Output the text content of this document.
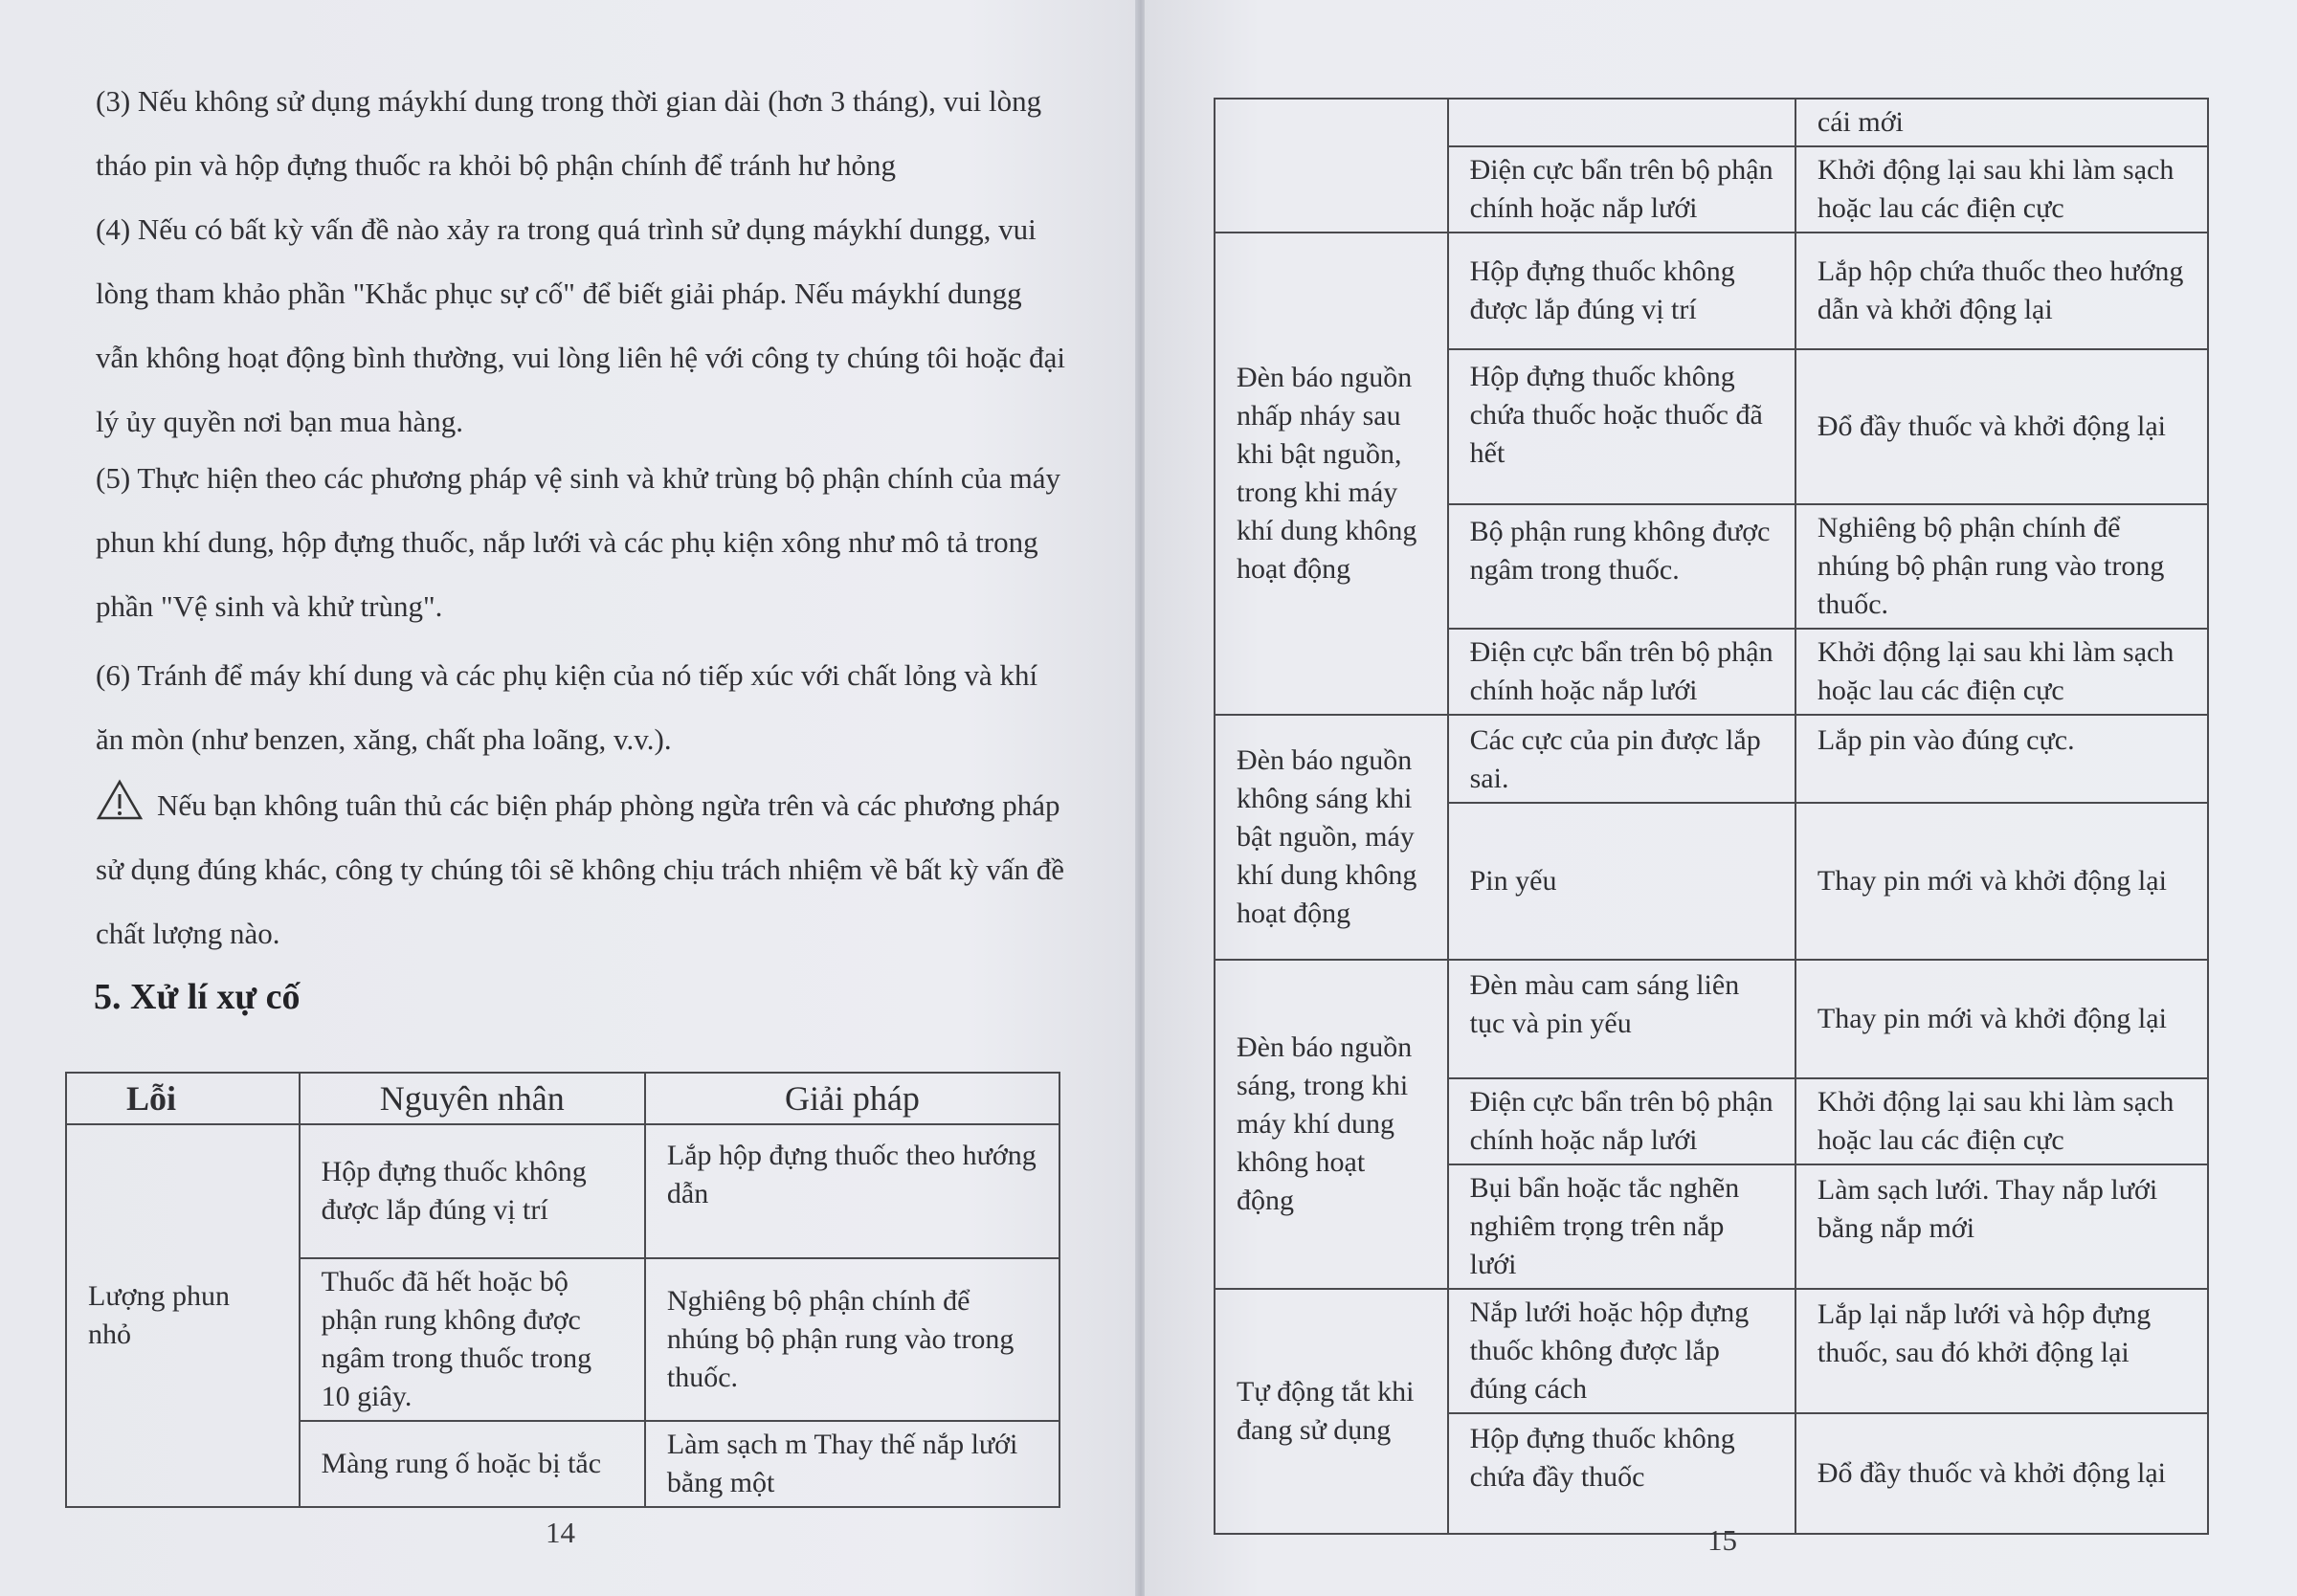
(3) Nếu không sử dụng máykhí dung trong thời gian dài (hơn 3 tháng), vui lòng tháo pin và hộp đựng thuốc ra khỏi bộ phận chính để tránh hư hỏng

(4) Nếu có bất kỳ vấn đề nào xảy ra trong quá trình sử dụng máykhí dungg, vui lòng tham khảo phần "Khắc phục sự cố" để biết giải pháp. Nếu máykhí dungg vẫn không hoạt động bình thường, vui lòng liên hệ với công ty chúng tôi hoặc đại lý ủy quyền nơi bạn mua hàng.

(5) Thực hiện theo các phương pháp vệ sinh và khử trùng bộ phận chính của máy phun khí dung, hộp đựng thuốc, nắp lưới và các phụ kiện xông như mô tả trong phần "Vệ sinh và khử trùng".

(6) Tránh để máy khí dung và các phụ kiện của nó tiếp xúc với chất lỏng và khí ăn mòn (như benzen, xăng, chất pha loãng, v.v.).

Nếu bạn không tuân thủ các biện pháp phòng ngừa trên và các phương pháp sử dụng đúng khác, công ty chúng tôi sẽ không chịu trách nhiệm về bất kỳ vấn đề chất lượng nào.
5. Xử lí xự cố
Lỗi	Nguyên nhân	Giải pháp
Lượng phun nhỏ	Hộp đựng thuốc không được lắp đúng vị trí	Lắp hộp đựng thuốc theo hướng dẫn
	Thuốc đã hết hoặc bộ phận rung không được ngâm trong thuốc trong 10 giây.	Nghiêng bộ phận chính để nhúng bộ phận rung vào trong thuốc.
	Màng rung ố hoặc bị tắc	Làm sạch m Thay thế nắp lưới bằng một
14
		cái mới
	Điện cực bẩn trên bộ phận chính hoặc nắp lưới	Khởi động lại sau khi làm sạch hoặc lau các điện cực
Đèn báo nguồn nhấp nháy sau khi bật nguồn, trong khi máy khí dung không hoạt động	Hộp đựng thuốc không được lắp đúng vị trí	Lắp hộp chứa thuốc theo hướng dẫn và khởi động lại
	Hộp đựng thuốc không chứa thuốc hoặc thuốc đã hết	Đổ đầy thuốc và khởi động lại
	Bộ phận rung không được ngâm trong thuốc.	Nghiêng bộ phận chính để nhúng bộ phận rung vào trong thuốc.
	Điện cực bẩn trên bộ phận chính hoặc nắp lưới	Khởi động lại sau khi làm sạch hoặc lau các điện cực
Đèn báo nguồn không sáng khi bật nguồn, máy khí dung không hoạt động	Các cực của pin được lắp sai.	Lắp pin vào đúng cực.
	Pin yếu	Thay pin mới và khởi động lại
Đèn báo nguồn sáng, trong khi máy khí dung không hoạt động	Đèn màu cam sáng liên tục và pin yếu	Thay pin mới và khởi động lại
	Điện cực bẩn trên bộ phận chính hoặc nắp lưới	Khởi động lại sau khi làm sạch hoặc lau các điện cực
	Bụi bẩn hoặc tắc nghẽn nghiêm trọng trên nắp lưới	Làm sạch lưới. Thay nắp lưới bằng nắp mới
Tự động tắt khi đang sử dụng	Nắp lưới hoặc hộp đựng thuốc không được lắp đúng cách	Lắp lại nắp lưới và hộp đựng thuốc, sau đó khởi động lại
	Hộp đựng thuốc không chứa đầy thuốc	Đổ đầy thuốc và khởi động lại
15
